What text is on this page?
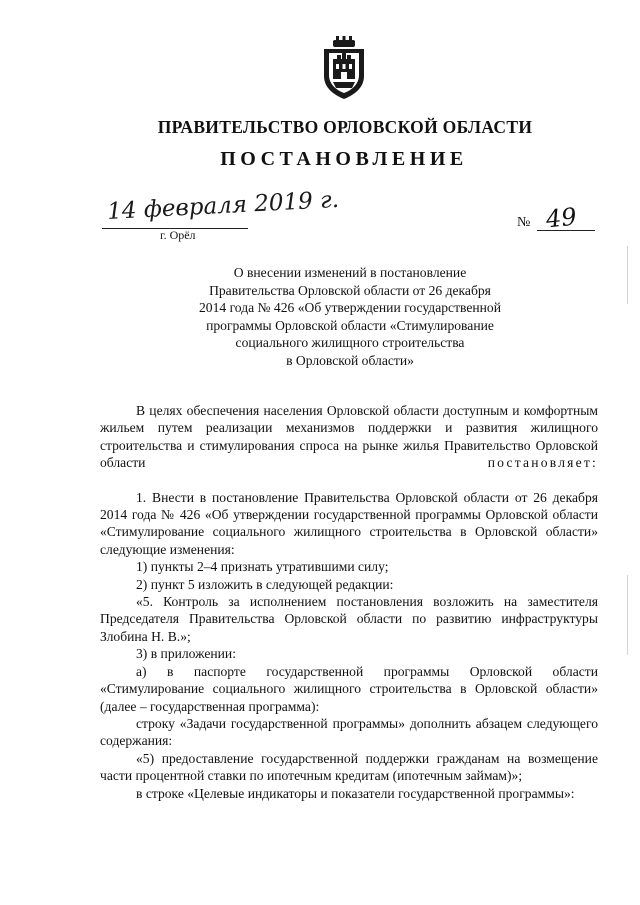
ПРАВИТЕЛЬСТВО ОРЛОВСКОЙ ОБЛАСТИ
ПОСТАНОВЛЕНИЕ
14 февраля 2019 г.
г. Орёл
№ 49
О внесении изменений в постановление
Правительства Орловской области от 26 декабря
2014 года № 426 «Об утверждении государственной
программы Орловской области «Стимулирование
социального жилищного строительства
в Орловской области»

В целях обеспечения населения Орловской области доступным и комфортным жильем путем реализации механизмов поддержки и развития жилищного строительства и стимулирования спроса на рынке жилья Правительство Орловской области	постановляет:

1. Внести в постановление Правительства Орловской области от 26 декабря 2014 года № 426 «Об утверждении государственной программы Орловской области «Стимулирование социального жилищного строительства в Орловской области» следующие изменения:

1) пункты 2–4 признать утратившими силу;

2) пункт 5 изложить в следующей редакции:

«5. Контроль за исполнением постановления возложить на заместителя Председателя Правительства Орловской области по развитию инфраструктуры Злобина Н. В.»;

3) в приложении:

а) в паспорте государственной программы Орловской области «Стимулирование социального жилищного строительства в Орловской области» (далее – государственная программа):

строку «Задачи государственной программы» дополнить абзацем следующего содержания:

«5) предоставление государственной поддержки гражданам на возмещение части процентной ставки по ипотечным кредитам (ипотечным займам)»;

в строке «Целевые индикаторы и показатели государственной программы»:
